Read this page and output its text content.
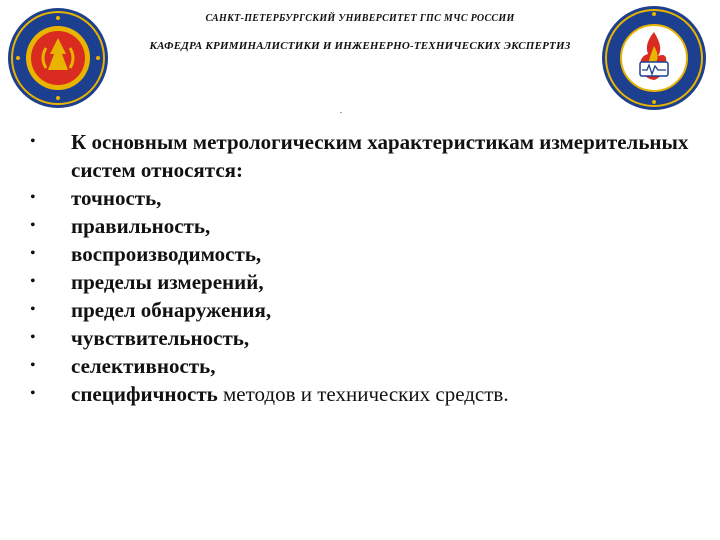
САНКТ-ПЕТЕРБУРГСКИЙ УНИВЕРСИТЕТ ГПС МЧС РОССИИ
КАФЕДРА КРИМИНАЛИСТИКИ И ИНЖЕНЕРНО-ТЕХНИЧЕСКИХ ЭКСПЕРТИЗ
.
•	К основным метрологическим характеристикам измерительных систем относятся:
•	точность,
•	правильность,
•	воспроизводимость,
•	пределы измерений,
•	предел обнаружения,
•	чувствительность,
•	селективность,
•	специфичность методов и технических средств.
